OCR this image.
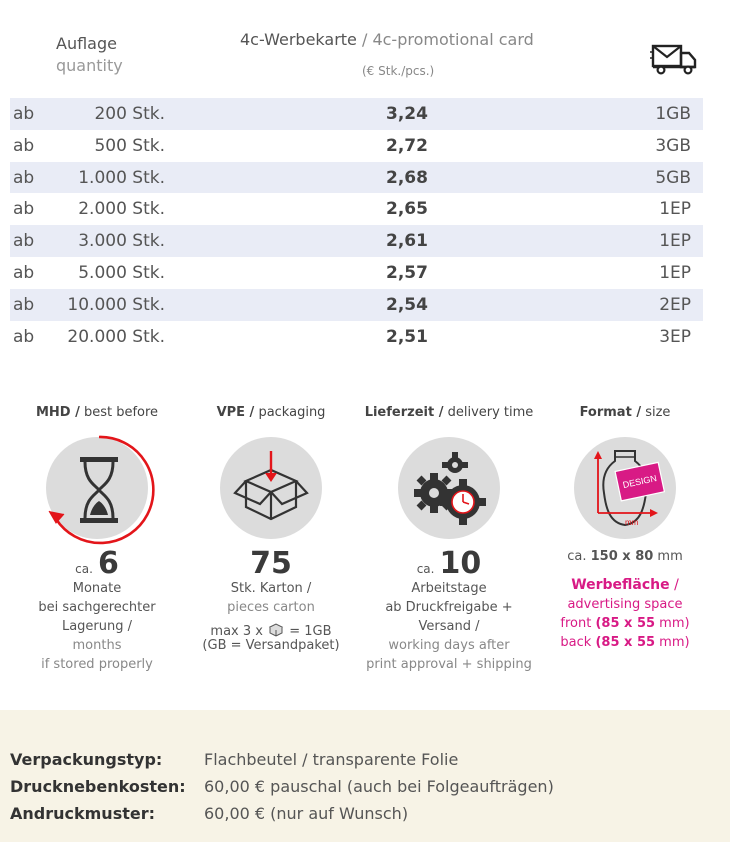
Auflage
quantity
4c-Werbekarte / 4c-promotional card
(€ Stk./pcs.)
ab	200 Stk.	3,24	1GB
ab	500 Stk.	2,72	3GB
ab	1.000 Stk.	2,68	5GB
ab	2.000 Stk.	2,65	1EP
ab	3.000 Stk.	2,61	1EP
ab	5.000 Stk.	2,57	1EP
ab	10.000 Stk.	2,54	2EP
ab	20.000 Stk.	2,51	3EP
MHD / best before
ca. 6
Monate
bei sachgerechter Lagerung /
months
if stored properly
VPE / packaging
75
Stk. Karton /
pieces carton
max 3 x = 1GB
(GB = Versandpaket)
Lieferzeit / delivery time
ca. 10
Arbeitstage
ab Druckfreigabe + Versand /
working days after
print approval + shipping
Format / size
DESIGN
mm
ca. 150 x 80 mm
Werbefläche /
advertising space
front (85 x 55 mm)
back (85 x 55 mm)
Verpackungstyp:	Flachbeutel / transparente Folie
Drucknebenkosten: 60,00 € pauschal (auch bei Folgeaufträgen)
Andruckmuster:	60,00 € (nur auf Wunsch)
